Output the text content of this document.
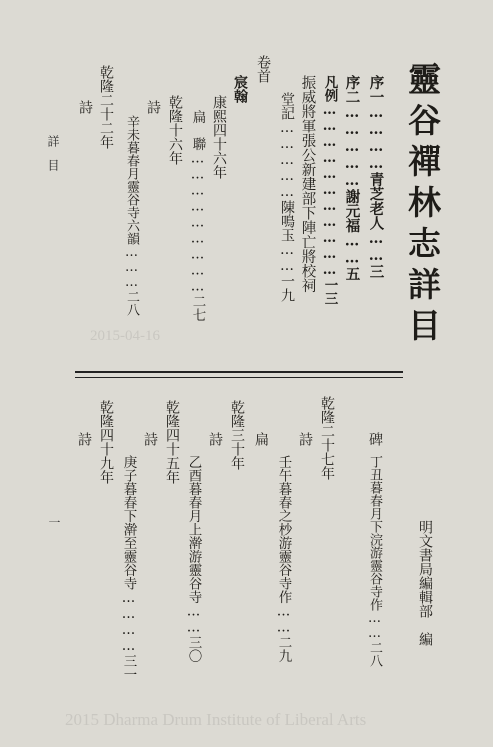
靈谷禪林志詳目
序一…………青芝老人……三
序二……………謝元福……五
凡例……………………………一三
振威將軍張公新建部下陣亡將校祠
堂記……………陳鳴玉……一九
卷首
宸翰
康熙四十六年
扁　聯………………………二七
乾隆十六年
詩
辛未暮春月靈谷寺六韻………二八
乾隆二十二年
詩
明文書局編輯部　編
碑
丁丑暮春月下浣游靈谷寺作……二八
乾隆二十七年
詩
壬午暮春之杪游靈谷寺作……二九
扁
乾隆三十年
詩
乙酉暮春月上澣游靈谷寺……三〇
乾隆四十五年
詩
庚子暮春下澣至靈谷寺…………三一
乾隆四十九年
詩
詳　目
一
2015-04-16
2015 Dharma Drum Institute of Liberal Arts
